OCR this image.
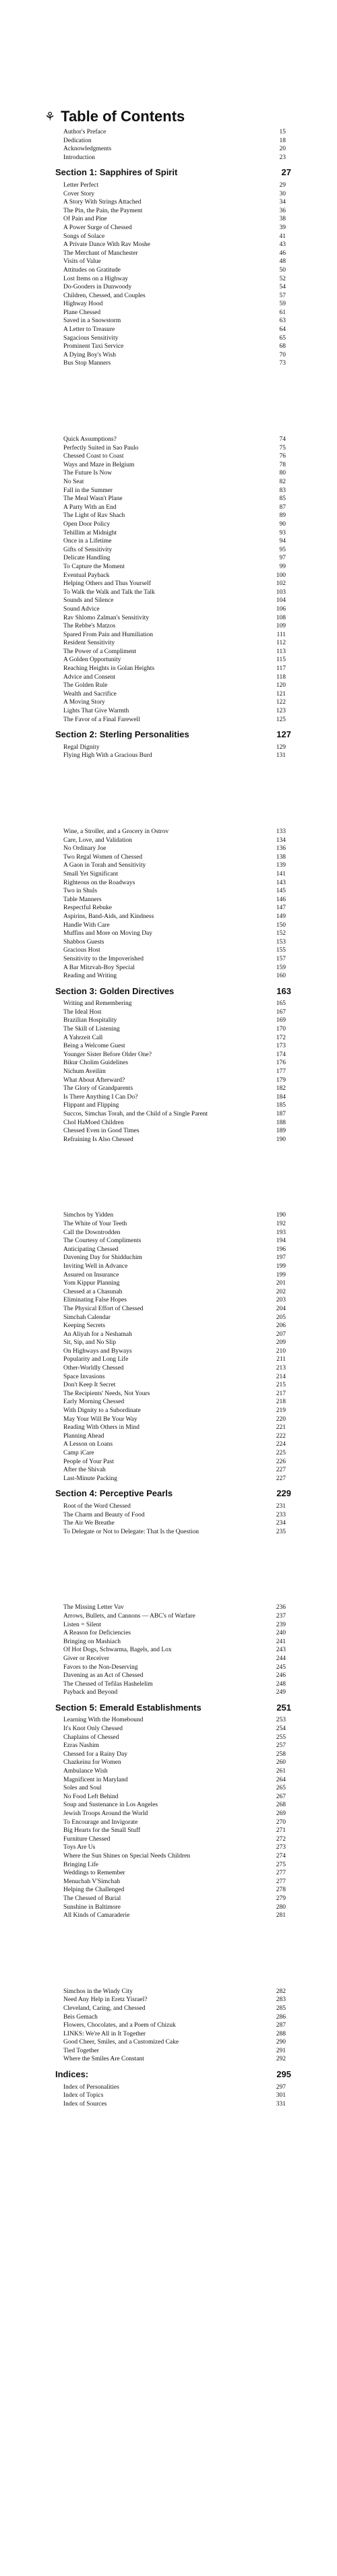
⚘ Table of Contents
Author's Preface	15
Dedication	18
Acknowledgments	20
Introduction	23
Section 1: Sapphires of Spirit	27
Letter Perfect	29
Cover Story	30
A Story With Strings Attached	34
The Pin, the Pain, the Payment	36
Of Pain and Pine	38
A Power Surge of Chessed	39
Songs of Solace	41
A Private Dance With Rav Moshe	43
The Merchant of Manchester	46
Visits of Value	48
Attitudes on Gratitude	50
Lost Items on a Highway	52
Do-Gooders in Dunwoody	54
Children, Chessed, and Couples	57
Highway Hood	59
Plane Chessed	61
Saved in a Snowstorm	63
A Letter to Treasure	64
Sagacious Sensitivity	65
Prominent Taxi Service	68
A Dying Boy's Wish	70
Bus Stop Manners	73
Quick Assumptions?	74
Perfectly Suited in Sao Paulo	75
Chessed Coast to Coast	76
Ways and Maze in Belgium	78
The Future Is Now	80
No Seat	82
Fall in the Summer	83
The Meal Wasn't Plane	85
A Party With an End	87
The Light of Rav Shach	89
Open Door Policy	90
Tehillim at Midnight	93
Once in a Lifetime	94
Gifts of Sensitivity	95
Delicate Handling	97
To Capture the Moment	99
Eventual Payback	100
Helping Others and Thus Yourself	102
To Walk the Walk and Talk the Talk	103
Sounds and Silence	104
Sound Advice	106
Rav Shlomo Zalman's Sensitivity	108
The Rebbe's Matzos	109
Spared From Pain and Humiliation	111
Resident Sensitivity	112
The Power of a Compliment	113
A Golden Opportunity	115
Reaching Heights in Golan Heights	117
Advice and Consent	118
The Golden Rule	120
Wealth and Sacrifice	121
A Moving Story	122
Lights That Give Warmth	123
The Favor of a Final Farewell	125
Section 2: Sterling Personalities	127
Regal Dignity	129
Flying High With a Gracious Burd	131
Wine, a Stroller, and a Grocery in Ostrov	133
Care, Love, and Validation	134
No Ordinary Joe	136
Two Regal Women of Chessed	138
A Gaon in Torah and Sensitivity	139
Small Yet Significant	141
Righteous on the Roadways	143
Two in Shuls	145
Table Manners	146
Respectful Rebuke	147
Aspirins, Band-Aids, and Kindness	149
Handle With Care	150
Muffins and More on Moving Day	152
Shabbos Guests	153
Gracious Host	155
Sensitivity to the Impoverished	157
A Bar Mitzvah-Boy Special	159
Reading and Writing	160
Section 3: Golden Directives	163
Writing and Remembering	165
The Ideal Host	167
Brazilian Hospitality	169
The Skill of Listening	170
A Yahrzeit Call	172
Being a Welcome Guest	173
Younger Sister Before Older One?	174
Bikur Cholim Guidelines	176
Nichum Aveilim	177
What About Afterward?	179
The Glory of Grandparents	182
Is There Anything I Can Do?	184
Flippant and Flipping	185
Succos, Simchas Torah, and the Child of a Single Parent	187
Chol HaMoed Children	188
Chessed Even in Good Times	189
Refraining Is Also Chessed	190
Simchos by Yidden	190
The White of Your Teeth	192
Call the Downtrodden	193
The Courtesy of Compliments	194
Anticipating Chessed	196
Davening Day for Shidduchim	197
Inviting Well in Advance	199
Assured on Insurance	199
Yom Kippur Planning	201
Chessed at a Chasunah	202
Eliminating False Hopes	203
The Physical Effort of Chessed	204
Simchah Calendar	205
Keeping Secrets	206
An Aliyah for a Neshamah	207
Sit, Sip, and No Slip	209
On Highways and Byways	210
Popularity and Long Life	211
Other-Worldly Chessed	213
Space Invasions	214
Don't Keep It Secret	215
The Recipients' Needs, Not Yours	217
Early Morning Chessed	218
With Dignity to a Subordinate	219
May Your Will Be Your Way	220
Reading With Others in Mind	221
Planning Ahead	222
A Lesson on Loans	224
Camp iCare	225
People of Your Past	226
After the Shivah	227
Last-Minute Packing	227
Section 4: Perceptive Pearls	229
Root of the Word Chessed	231
The Charm and Beauty of Food	233
The Air We Breathe	234
To Delegate or Not to Delegate: That Is the Question	235
The Missing Letter Vav	236
Arrows, Bullets, and Cannons — ABC's of Warfare	237
Listen = Silent	239
A Reason for Deficiencies	240
Bringing on Mashiach	241
Of Hot Dogs, Schwarma, Bagels, and Lox	243
Giver or Receiver	244
Favors to the Non-Deserving	245
Davening as an Act of Chessed	246
The Chessed of Tefilas Hashelelim	248
Payback and Beyond	249
Section 5: Emerald Establishments	251
Learning With the Homebound	253
It's Knot Only Chessed	254
Chaplains of Chessed	255
Ezras Nashim	257
Chessed for a Rainy Day	258
Chazkeinu for Women	260
Ambulance Wish	261
Magnificent in Maryland	264
Soles and Soul	265
No Food Left Behind	267
Soup and Sustenance in Los Angeles	268
Jewish Troops Around the World	269
To Encourage and Invigorate	270
Big Hearts for the Small Stuff	271
Furniture Chessed	272
Toys Are Us	273
Where the Sun Shines on Special Needs Children	274
Bringing Life	275
Weddings to Remember	277
Menuchah V'Simchah	277
Helping the Challenged	278
The Chessed of Burial	279
Sunshine in Baltimore	280
All Kinds of Camaraderie	281
Simchos in the Windy City	282
Need Any Help in Eretz Yisrael?	283
Cleveland, Caring, and Chessed	285
Beis Gemach	286
Flowers, Chocolates, and a Poem of Chizuk	287
LINKS: We're All in It Together	288
Good Cheer, Smiles, and a Customized Cake	290
Tied Together	291
Where the Smiles Are Constant	292
Indices:	295
Index of Personalities	297
Index of Topics	301
Index of Sources	331
